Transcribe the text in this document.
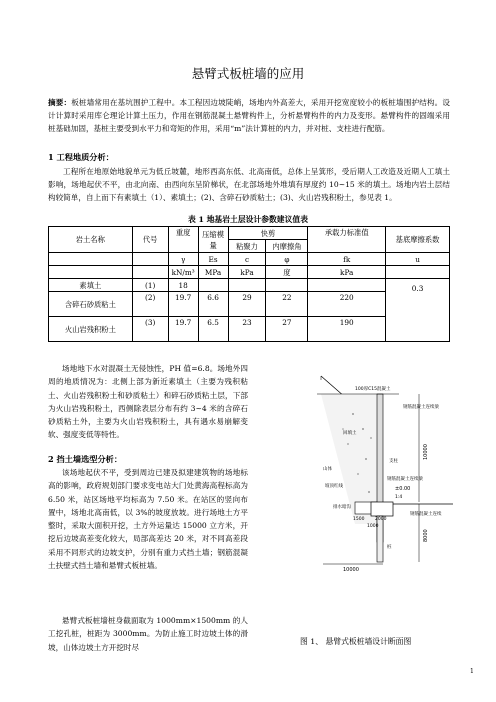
悬臂式板桩墙的应用
摘要：板桩墙常用在基坑围护工程中。本工程因边坡陡峭，场地内外高差大，采用开挖宽度较小的板桩墙围护结构。设计计算时采用库仑理论计算土压力，作用在钢筋混凝土悬臂构件上，分析悬臂构件的内力及变形。悬臂构件的固端采用桩基础加固，基桩主要受到水平力和弯矩的作用，采用“m”法计算桩的内力，并对桩、支柱进行配筋。
1 工程地质分析：
工程所在地原始地貌单元为低丘坡麓，地形西高东低、北高南低，总体上呈箕形，受后期人工改造及近期人工填土影响，场地起伏不平，由北向南、由西向东呈阶梯状，在北部场地外堆填有厚度约 10~15 米的填土。场地内岩土层结构较简单，自上而下有素填土（1）、素填土；(2)、含碎石砂质粘土；(3)、火山岩残积粉土，参见表 1。
表 1 地基岩土层设计参数建议值表
岩土名称	代号	重度	压缩模量	快剪		承载力标准值	基底摩擦系数
				粘聚力	内摩擦角		
		γ	Es	c	φ	fk	u
		kN/m³	MPa	kPa	度	kPa	
素填土	(1)	18					0.3
含碎石砂质粘土	(2)	19.7	6.6	29	22	220	
火山岩残积粉土	(3)	19.7	6.5	23	27	190	
场地地下水对混凝土无侵蚀性，PH 值=6.8。场地外四周的地质情况为：北侧上部为新近素填土（主要为残积粘土、火山岩残积粉土和砂质粘土）和碎石砂质粘土层，下部为火山岩残积粉土，西侧除表层分布有约 3~4 米的含碎石砂质粘土外，主要为火山岩残积粉土，具有遇水易崩解变软、强度变低等特性。
2 挡土墙选型分析：
该场地起伏不平，受到周边已建及拟建建筑物的场地标高的影响，政府规划部门要求变电站大门处黄海高程标高为 6.50 米，站区场地平均标高为 7.50 米。在站区的竖向布置中，场地北高南低，以 3%的坡度放坡。进行场地土方平整时，采取大面积开挖，土方外运量达 15000 立方米，开挖后边坡高差变化较大，局部高差达 20 米，对不同高差段采用不同形式的边坡支护，分别有重力式挡土墙；钢筋混凝土扶壁式挡土墙和悬臂式板桩墙。
悬臂式板桩墙桩身截面取为 1000mm×1500mm 的人工挖孔桩，桩距为 3000mm。为防止施工时边坡土体的滑坡，山体边坡土方开挖时尽
100厚C15混凝土
钢筋混凝土连续梁
回填土
山体
坡顶红线
支柱
钢筋混凝土连续梁
±0.00
1:4
排水暗沟
钢筋混凝土连续
桩
1500 2000
1000
10000
10000
8000
图 1、 悬臂式板桩墙设计断面图
1
